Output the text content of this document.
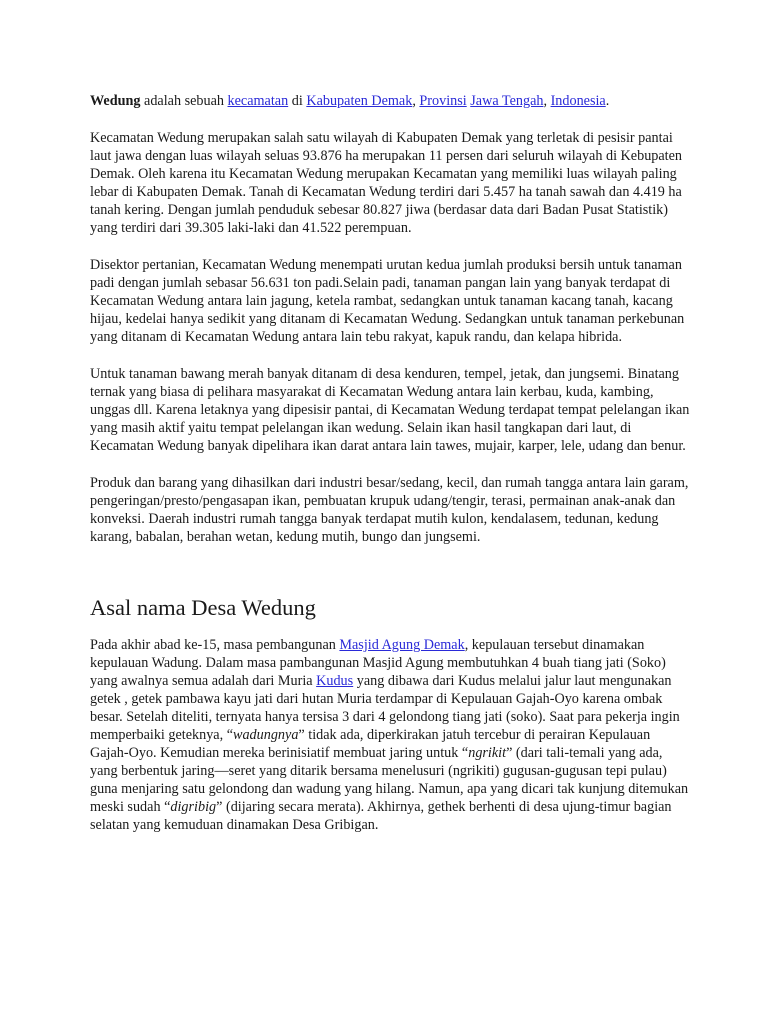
Wedung adalah sebuah kecamatan di Kabupaten Demak, Provinsi Jawa Tengah, Indonesia.

Kecamatan Wedung merupakan salah satu wilayah di Kabupaten Demak yang terletak di pesisir pantai laut jawa dengan luas wilayah seluas 93.876 ha merupakan 11 persen dari seluruh wilayah di Kebupaten Demak. Oleh karena itu Kecamatan Wedung merupakan Kecamatan yang memiliki luas wilayah paling lebar di Kabupaten Demak. Tanah di Kecamatan Wedung terdiri dari 5.457 ha tanah sawah dan 4.419 ha tanah kering. Dengan jumlah penduduk sebesar 80.827 jiwa (berdasar data dari Badan Pusat Statistik) yang terdiri dari 39.305 laki-laki dan 41.522 perempuan.

Disektor pertanian, Kecamatan Wedung menempati urutan kedua jumlah produksi bersih untuk tanaman padi dengan jumlah sebasar 56.631 ton padi.Selain padi, tanaman pangan lain yang banyak terdapat di Kecamatan Wedung antara lain jagung, ketela rambat, sedangkan untuk tanaman kacang tanah, kacang hijau, kedelai hanya sedikit yang ditanam di Kecamatan Wedung. Sedangkan untuk tanaman perkebunan yang ditanam di Kecamatan Wedung antara lain tebu rakyat, kapuk randu, dan kelapa hibrida.

Untuk tanaman bawang merah banyak ditanam di desa kenduren, tempel, jetak, dan jungsemi. Binatang ternak yang biasa di pelihara masyarakat di Kecamatan Wedung antara lain kerbau, kuda, kambing, unggas dll. Karena letaknya yang dipesisir pantai, di Kecamatan Wedung terdapat tempat pelelangan ikan yang masih aktif yaitu tempat pelelangan ikan wedung. Selain ikan hasil tangkapan dari laut, di Kecamatan Wedung banyak dipelihara ikan darat antara lain tawes, mujair, karper, lele, udang dan benur.

Produk dan barang yang dihasilkan dari industri besar/sedang, kecil, dan rumah tangga antara lain garam, pengeringan/presto/pengasapan ikan, pembuatan krupuk udang/tengir, terasi, permainan anak-anak dan konveksi. Daerah industri rumah tangga banyak terdapat mutih kulon, kendalasem, tedunan, kedung karang, babalan, berahan wetan, kedung mutih, bungo dan jungsemi.

Asal nama Desa Wedung

Pada akhir abad ke-15, masa pembangunan Masjid Agung Demak, kepulauan tersebut dinamakan kepulauan Wadung. Dalam masa pambangunan Masjid Agung membutuhkan 4 buah tiang jati (Soko) yang awalnya semua adalah dari Muria Kudus yang dibawa dari Kudus melalui jalur laut mengunakan getek , getek pambawa kayu jati dari hutan Muria terdampar di Kepulauan Gajah-Oyo karena ombak besar. Setelah diteliti, ternyata hanya tersisa 3 dari 4 gelondong tiang jati (soko). Saat para pekerja ingin memperbaiki geteknya, “wadungnya” tidak ada, diperkirakan jatuh tercebur di perairan Kepulauan Gajah-Oyo. Kemudian mereka berinisiatif membuat jaring untuk “ngrikit” (dari tali-temali yang ada, yang berbentuk jaring—seret yang ditarik bersama menelusuri (ngrikiti) gugusan-gugusan tepi pulau) guna menjaring satu gelondong dan wadung yang hilang. Namun, apa yang dicari tak kunjung ditemukan meski sudah “digribig” (dijaring secara merata). Akhirnya, gethek berhenti di desa ujung-timur bagian selatan yang kemuduan dinamakan Desa Gribigan.
